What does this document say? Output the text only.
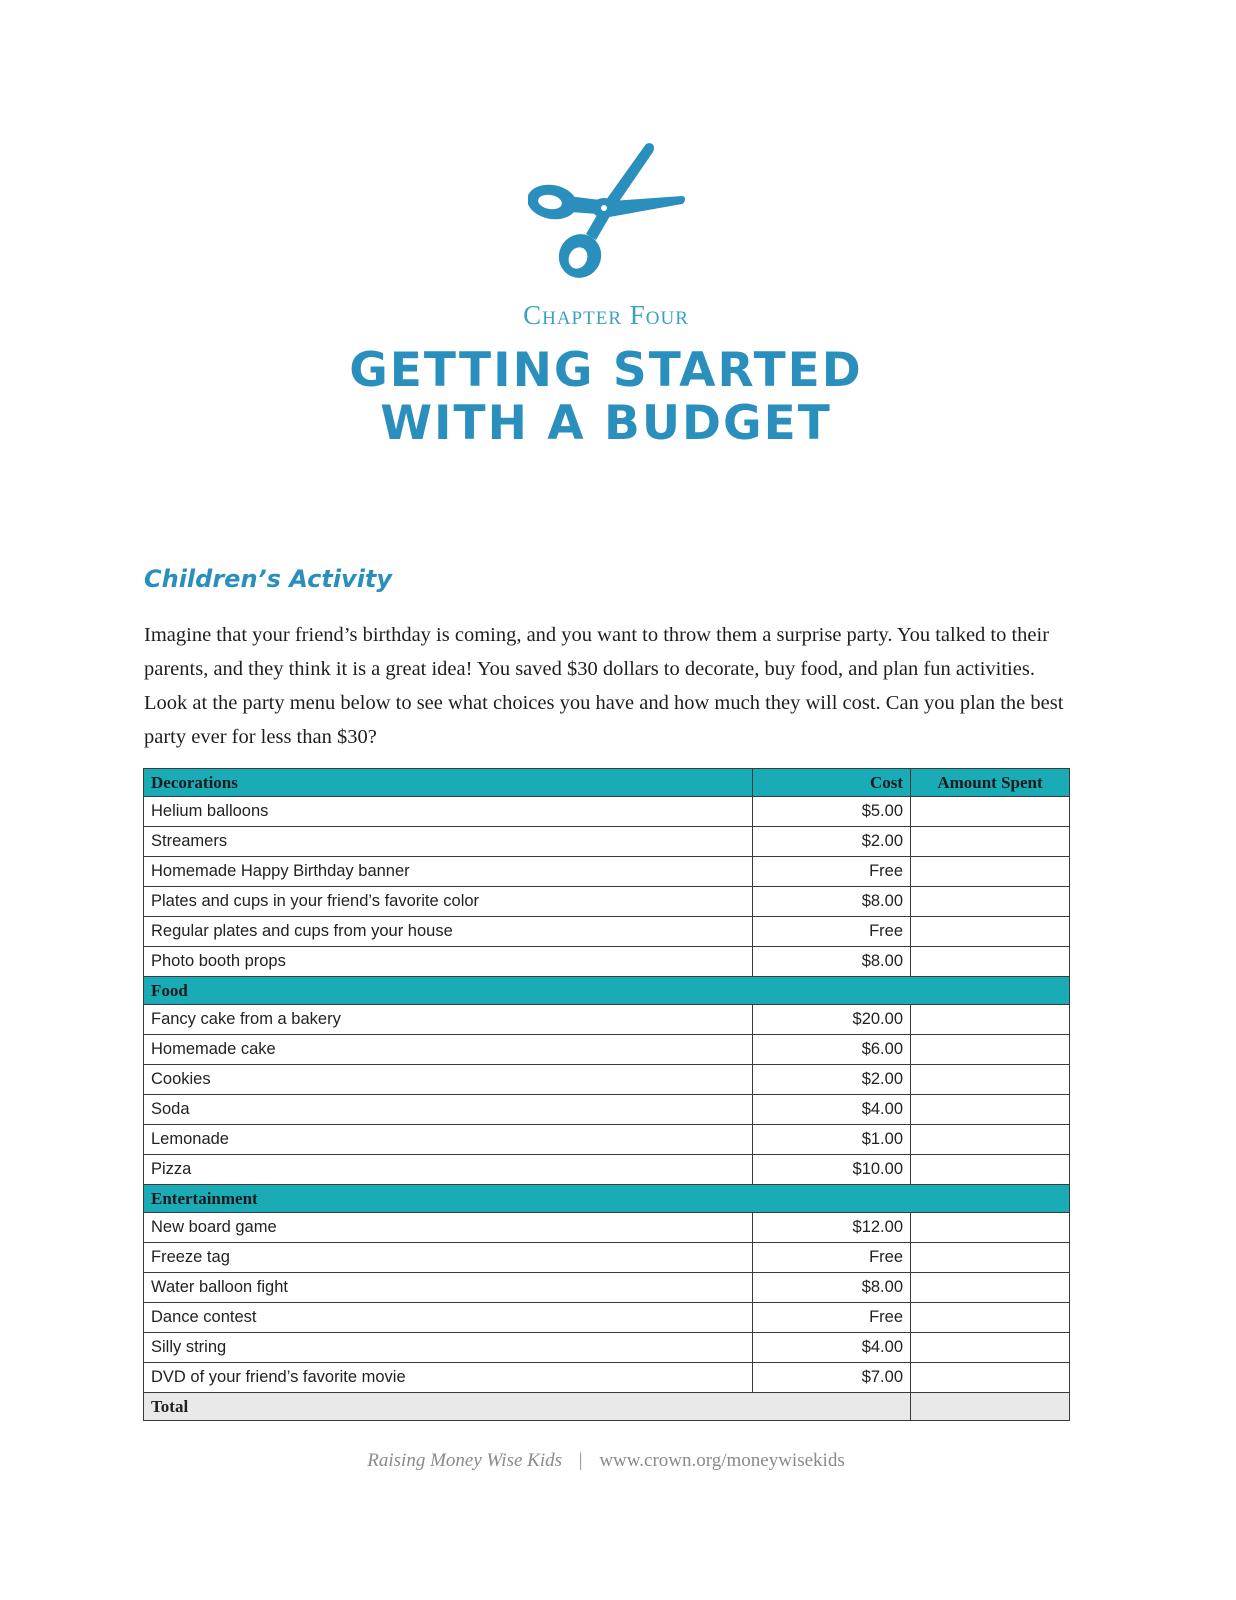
Chapter Four
GETTING STARTED
WITH A BUDGET
Children’s Activity

Imagine that your friend’s birthday is coming, and you want to throw them a surprise party. You talked to their parents, and they think it is a great idea! You saved $30 dollars to decorate, buy food, and plan fun activities. Look at the party menu below to see what choices you have and how much they will cost. Can you plan the best party ever for less than $30?

Decorations	Cost	Amount Spent
Helium balloons	$5.00	
Streamers	$2.00	
Homemade Happy Birthday banner	Free	
Plates and cups in your friend’s favorite color	$8.00	
Regular plates and cups from your house	Free	
Photo booth props	$8.00	
Food		
Fancy cake from a bakery	$20.00	
Homemade cake	$6.00	
Cookies	$2.00	
Soda	$4.00	
Lemonade	$1.00	
Pizza	$10.00	
Entertainment		
New board game	$12.00	
Freeze tag	Free	
Water balloon fight	$8.00	
Dance contest	Free	
Silly string	$4.00	
DVD of your friend’s favorite movie	$7.00	
Total		
Raising Money Wise Kids | www.crown.org/moneywisekids
